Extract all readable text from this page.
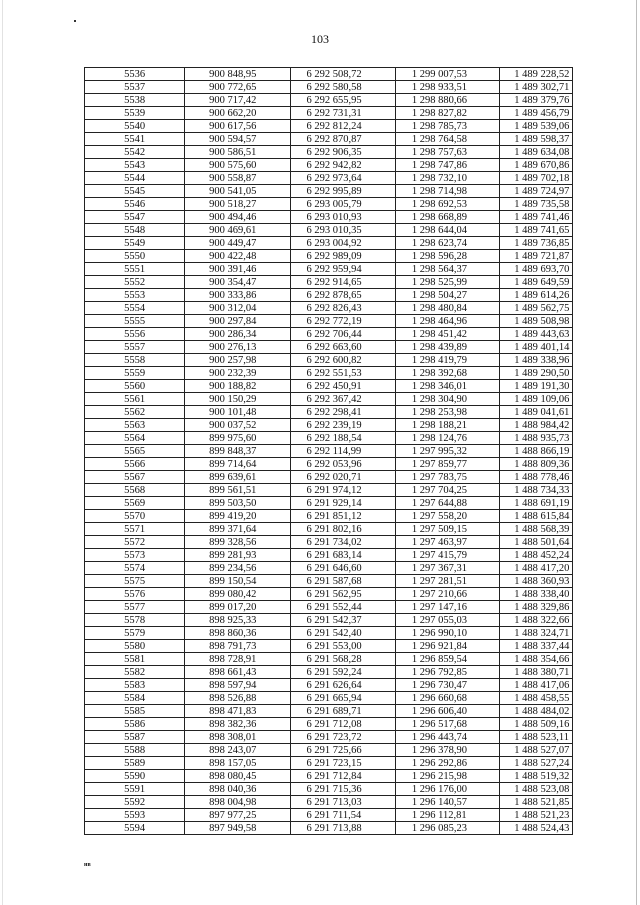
103
5536	900 848,95	6 292 508,72	1 299 007,53	1 489 228,52
5537	900 772,65	6 292 580,58	1 298 933,51	1 489 302,71
5538	900 717,42	6 292 655,95	1 298 880,66	1 489 379,76
5539	900 662,20	6 292 731,31	1 298 827,82	1 489 456,79
5540	900 617,56	6 292 812,24	1 298 785,73	1 489 539,06
5541	900 594,57	6 292 870,87	1 298 764,58	1 489 598,37
5542	900 586,51	6 292 906,35	1 298 757,63	1 489 634,08
5543	900 575,60	6 292 942,82	1 298 747,86	1 489 670,86
5544	900 558,87	6 292 973,64	1 298 732,10	1 489 702,18
5545	900 541,05	6 292 995,89	1 298 714,98	1 489 724,97
5546	900 518,27	6 293 005,79	1 298 692,53	1 489 735,58
5547	900 494,46	6 293 010,93	1 298 668,89	1 489 741,46
5548	900 469,61	6 293 010,35	1 298 644,04	1 489 741,65
5549	900 449,47	6 293 004,92	1 298 623,74	1 489 736,85
5550	900 422,48	6 292 989,09	1 298 596,28	1 489 721,87
5551	900 391,46	6 292 959,94	1 298 564,37	1 489 693,70
5552	900 354,47	6 292 914,65	1 298 525,99	1 489 649,59
5553	900 333,86	6 292 878,65	1 298 504,27	1 489 614,26
5554	900 312,04	6 292 826,43	1 298 480,84	1 489 562,75
5555	900 297,84	6 292 772,19	1 298 464,96	1 489 508,98
5556	900 286,34	6 292 706,44	1 298 451,42	1 489 443,63
5557	900 276,13	6 292 663,60	1 298 439,89	1 489 401,14
5558	900 257,98	6 292 600,82	1 298 419,79	1 489 338,96
5559	900 232,39	6 292 551,53	1 298 392,68	1 489 290,50
5560	900 188,82	6 292 450,91	1 298 346,01	1 489 191,30
5561	900 150,29	6 292 367,42	1 298 304,90	1 489 109,06
5562	900 101,48	6 292 298,41	1 298 253,98	1 489 041,61
5563	900 037,52	6 292 239,19	1 298 188,21	1 488 984,42
5564	899 975,60	6 292 188,54	1 298 124,76	1 488 935,73
5565	899 848,37	6 292 114,99	1 297 995,32	1 488 866,19
5566	899 714,64	6 292 053,96	1 297 859,77	1 488 809,36
5567	899 639,61	6 292 020,71	1 297 783,75	1 488 778,46
5568	899 561,51	6 291 974,12	1 297 704,25	1 488 734,33
5569	899 503,50	6 291 929,14	1 297 644,88	1 488 691,19
5570	899 419,20	6 291 851,12	1 297 558,20	1 488 615,84
5571	899 371,64	6 291 802,16	1 297 509,15	1 488 568,39
5572	899 328,56	6 291 734,02	1 297 463,97	1 488 501,64
5573	899 281,93	6 291 683,14	1 297 415,79	1 488 452,24
5574	899 234,56	6 291 646,60	1 297 367,31	1 488 417,20
5575	899 150,54	6 291 587,68	1 297 281,51	1 488 360,93
5576	899 080,42	6 291 562,95	1 297 210,66	1 488 338,40
5577	899 017,20	6 291 552,44	1 297 147,16	1 488 329,86
5578	898 925,33	6 291 542,37	1 297 055,03	1 488 322,66
5579	898 860,36	6 291 542,40	1 296 990,10	1 488 324,71
5580	898 791,73	6 291 553,00	1 296 921,84	1 488 337,44
5581	898 728,91	6 291 568,28	1 296 859,54	1 488 354,66
5582	898 661,43	6 291 592,24	1 296 792,85	1 488 380,71
5583	898 597,94	6 291 626,64	1 296 730,47	1 488 417,06
5584	898 526,88	6 291 665,94	1 296 660,68	1 488 458,55
5585	898 471,83	6 291 689,71	1 296 606,40	1 488 484,02
5586	898 382,36	6 291 712,08	1 296 517,68	1 488 509,16
5587	898 308,01	6 291 723,72	1 296 443,74	1 488 523,11
5588	898 243,07	6 291 725,66	1 296 378,90	1 488 527,07
5589	898 157,05	6 291 723,15	1 296 292,86	1 488 527,24
5590	898 080,45	6 291 712,84	1 296 215,98	1 488 519,32
5591	898 040,36	6 291 715,36	1 296 176,00	1 488 523,08
5592	898 004,98	6 291 713,03	1 296 140,57	1 488 521,85
5593	897 977,25	6 291 711,54	1 296 112,81	1 488 521,23
5594	897 949,58	6 291 713,88	1 296 085,23	1 488 524,43
нв
